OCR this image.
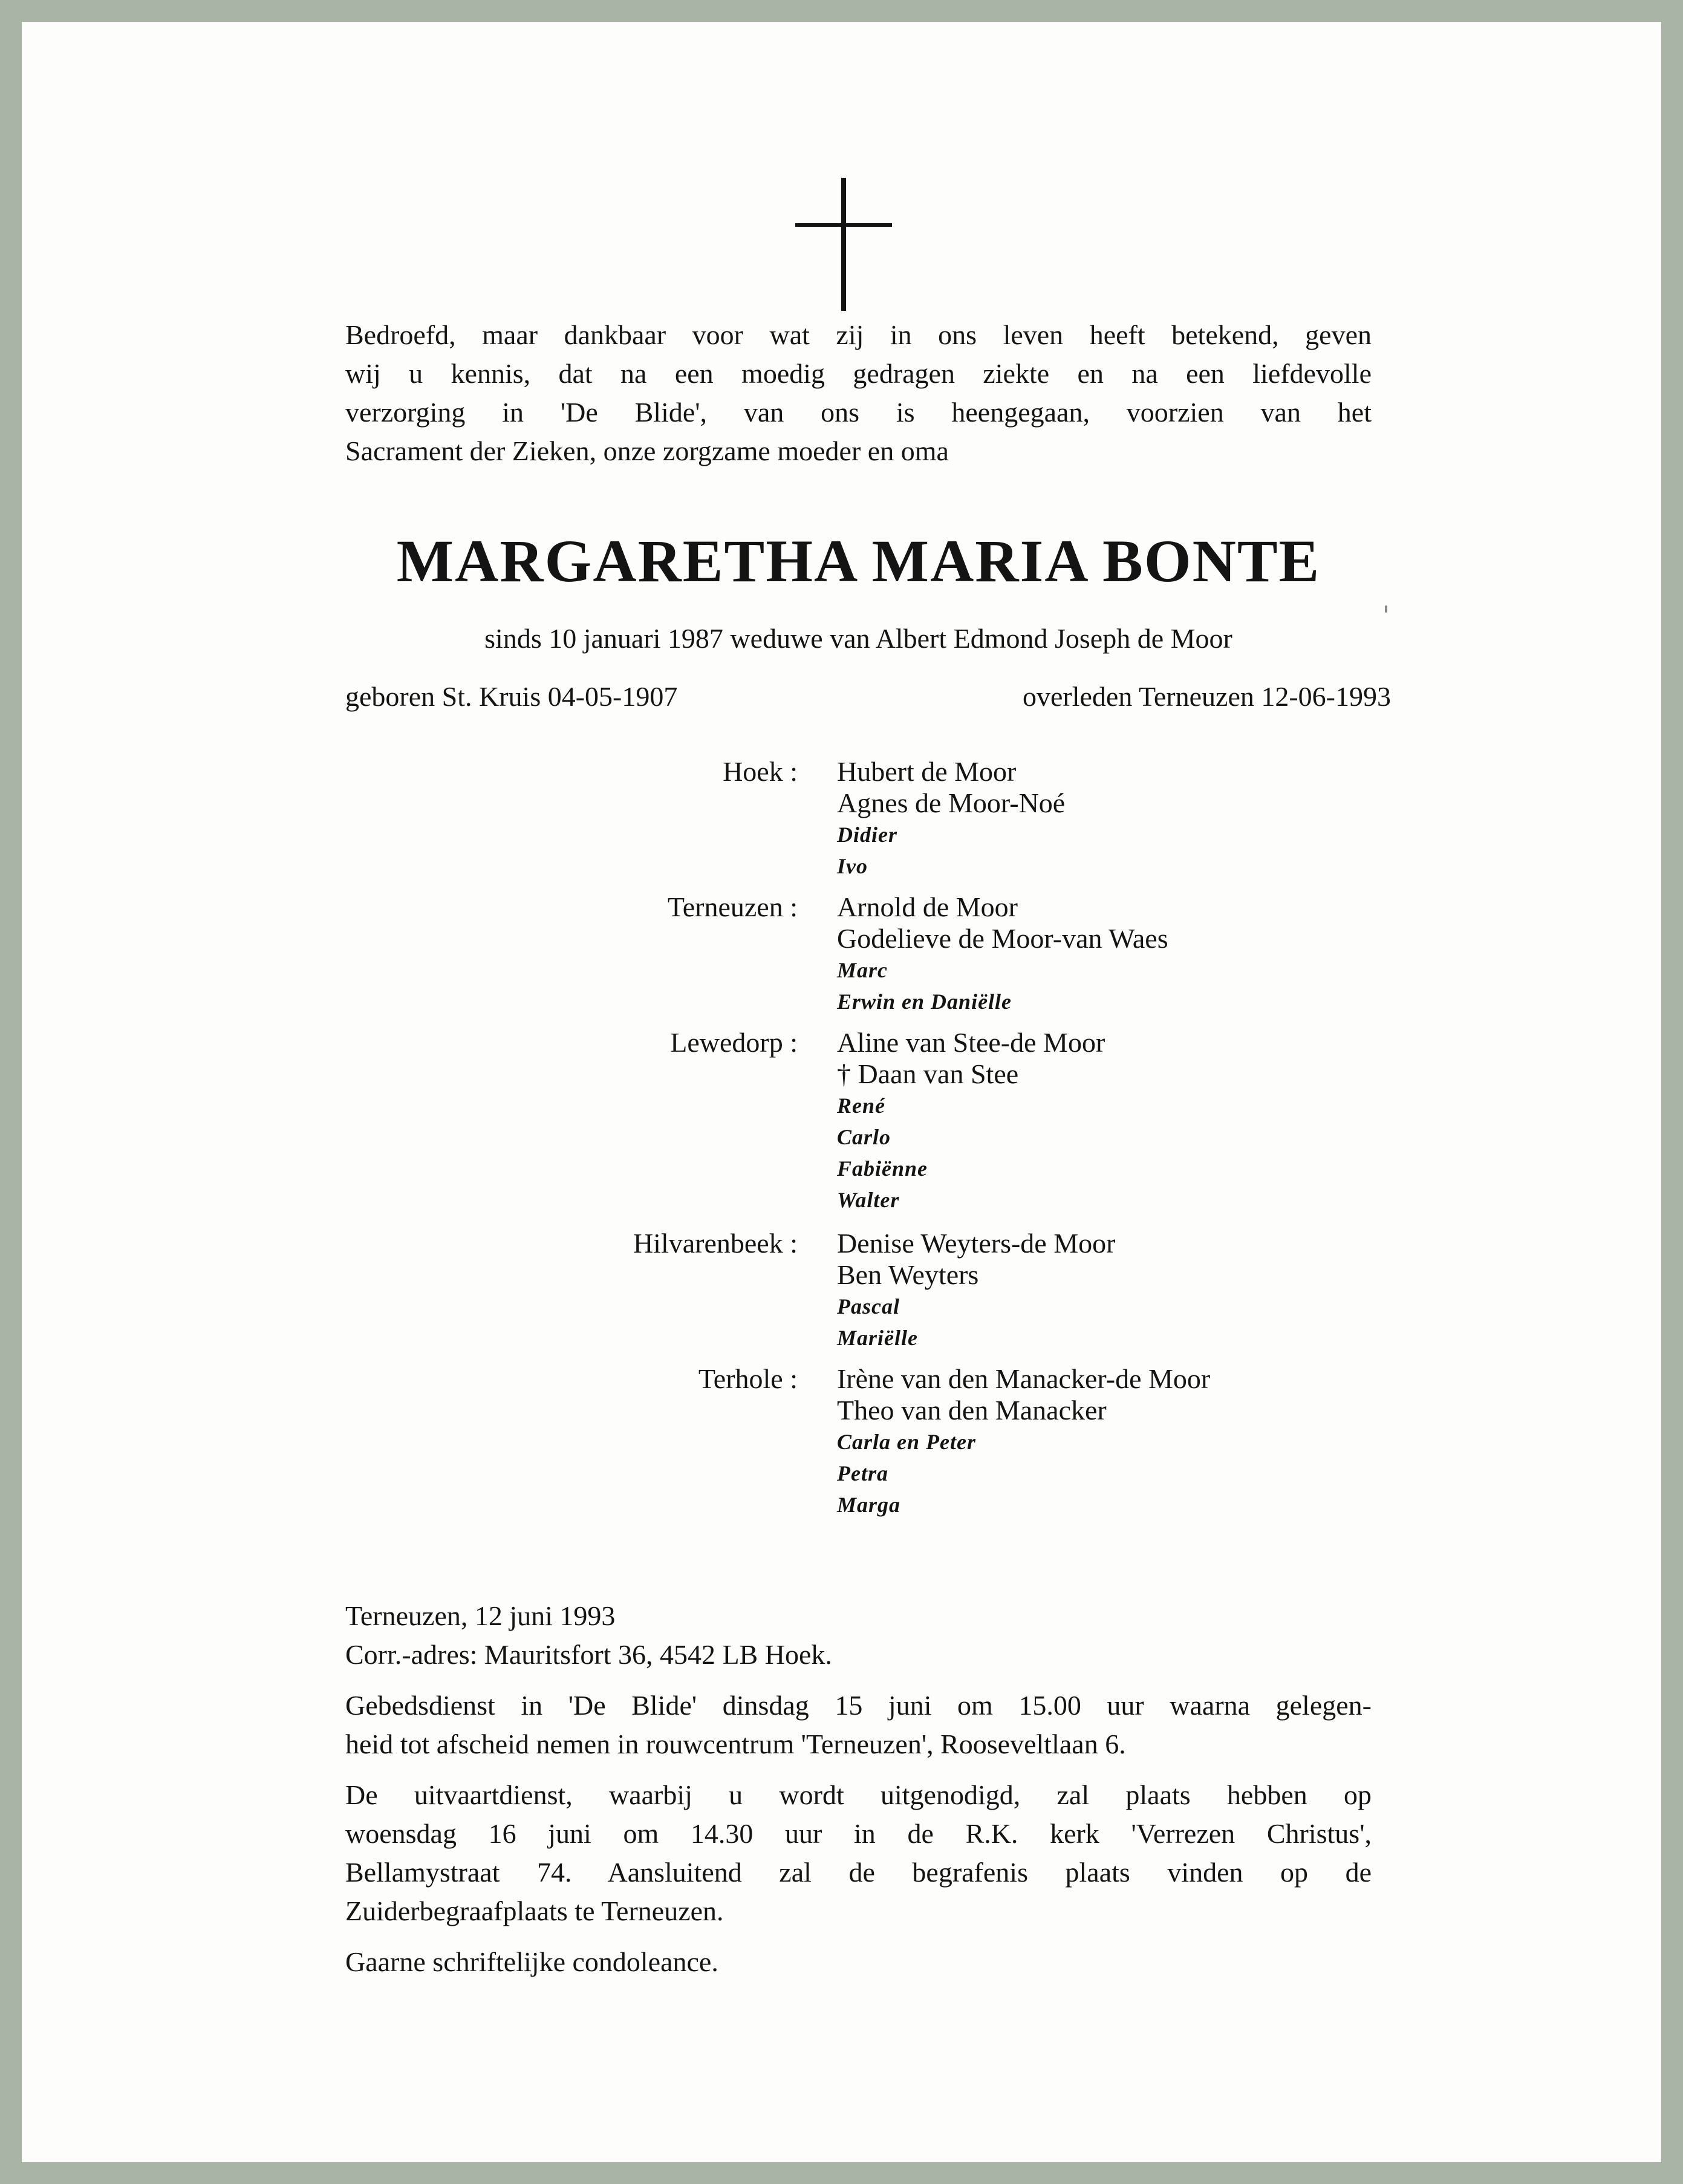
Bedroefd, maar dankbaar voor wat zij in ons leven heeft betekend, geven
wij u kennis, dat na een moedig gedragen ziekte en na een liefdevolle
verzorging in 'De Blide', van ons is heengegaan, voorzien van het
Sacrament der Zieken, onze zorgzame moeder en oma

MARGARETHA MARIA BONTE
sinds 10 januari 1987 weduwe van Albert Edmond Joseph de Moor
geboren St. Kruis 04-05-1907	overleden Terneuzen 12-06-1993
Hoek : Hubert de Moor
Agnes de Moor-Noé
Didier
Ivo
Terneuzen : Arnold de Moor
Godelieve de Moor-van Waes
Marc
Erwin en Daniëlle
Lewedorp : Aline van Stee-de Moor
† Daan van Stee
René
Carlo
Fabiënne
Walter
Hilvarenbeek : Denise Weyters-de Moor
Ben Weyters
Pascal
Mariëlle
Terhole : Irène van den Manacker-de Moor
Theo van den Manacker
Carla en Peter
Petra
Marga
Terneuzen, 12 juni 1993
Corr.-adres: Mauritsfort 36, 4542 LB Hoek.

Gebedsdienst in 'De Blide' dinsdag 15 juni om 15.00 uur waarna gelegen-
heid tot afscheid nemen in rouwcentrum 'Terneuzen', Rooseveltlaan 6.

De uitvaartdienst, waarbij u wordt uitgenodigd, zal plaats hebben op
woensdag 16 juni om 14.30 uur in de R.K. kerk 'Verrezen Christus',
Bellamystraat 74. Aansluitend zal de begrafenis plaats vinden op de
Zuiderbegraafplaats te Terneuzen.

Gaarne schriftelijke condoleance.
